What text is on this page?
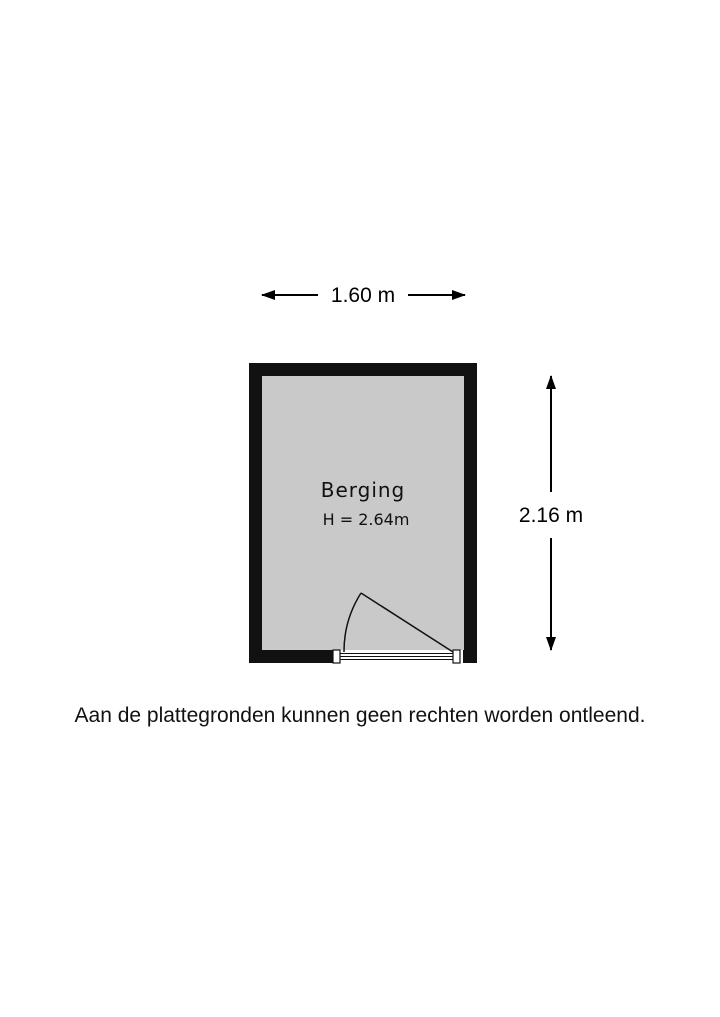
1.60 m
2.16 m
Berging
H = 2.64m
Aan de plattegronden kunnen geen rechten worden ontleend.
